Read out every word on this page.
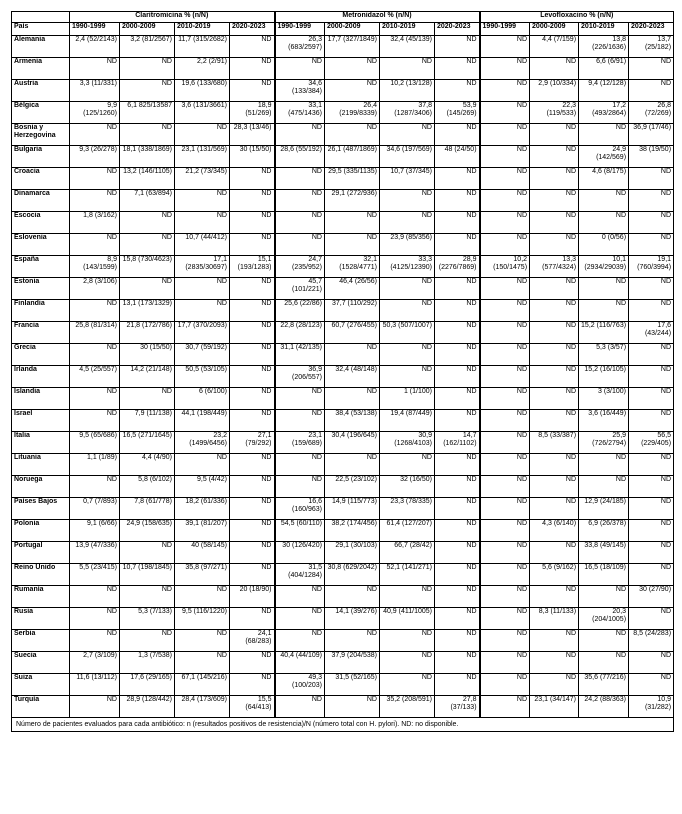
	Claritromicina % (n/N)				Metronidazol % (n/N)				Levofloxacino % (n/N)			
País	1990-1999	2000-2009	2010-2019	2020-2023	1990-1999	2000-2009	2010-2019	2020-2023	1990-1999	2000-2009	2010-2019	2020-2023
Alemania	2,4 (52/2143)	3,2 (81/2567)	11,7 (315/2682)	ND	26,3 (683/2597)	17,7 (327/1849)	32,4 (45/139)	ND	ND	4,4 (7/159)	13,8 (226/1636)	13,7 (25/182)
Armenia	ND	ND	2,2 (2/91)	ND	ND	ND	ND	ND	ND	ND	6,6 (6/91)	ND
Austria	3,3 (11/331)	ND	19,6 (133/680)	ND	34,6 (133/384)	ND	10,2 (13/128)	ND	ND	2,9 (10/334)	9,4 (12/128)	ND
Bélgica	9,9 (125/1260)	6,1 825/13587	3,6 (131/3661)	18,9 (51/269)	33,1 (475/1436)	26,4 (2199/8339)	37,8 (1287/3406)	53,9 (145/269)	ND	22,3 (119/533)	17,2 (493/2864)	26,8 (72/269)
Bosnia y Herzegovina	ND	ND	ND	28,3 (13/46)	ND	ND	ND	ND	ND	ND	ND	36,9 (17/46)
Bulgaria	9,3 (26/278)	18,1 (338/1869)	23,1 (131/569)	30 (15/50)	28,6 (55/192)	26,1 (487/1869)	34,6 (197/569)	48 (24/50)	ND	ND	24,9 (142/569)	38 (19/50)
Croacia	ND	13,2 (146/1105)	21,2 (73/345)	ND	ND	29,5 (335/1135)	10,7 (37/345)	ND	ND	ND	4,6 (8/175)	ND
Dinamarca	ND	7,1 (63/894)	ND	ND	ND	29,1 (272/936)	ND	ND	ND	ND	ND	ND
Escocia	1,8 (3/162)	ND	ND	ND	ND	ND	ND	ND	ND	ND	ND	ND
Eslovenia	ND	ND	10,7 (44/412)	ND	ND	ND	23,9 (85/356)	ND	ND	ND	0 (0/56)	ND
España	8,9 (143/1599)	15,8 (730/4623)	17,1 (2835/30697)	15,1 (193/1283)	24,7 (235/952)	32,1 (1528/4771)	33,3 (4125/12390)	28,9 (2276/7869)	10,2 (150/1475)	13,3 (577/4324)	10,1 (2934/29039)	19,1 (760/3994)
Estonia	2,8 (3/106)	ND	ND	ND	45,7 (101/221)	46,4 (26/56)	ND	ND	ND	ND	ND	ND
Finlandia	ND	13,1 (173/1329)	ND	ND	25,6 (22/86)	37,7 (110/292)	ND	ND	ND	ND	ND	ND
Francia	25,8 (81/314)	21,8 (172/786)	17,7 (370/2093)	ND	22,8 (28/123)	60,7 (276/455)	50,3 (507/1007)	ND	ND	ND	15,2 (116/763)	17,6 (43/244)
Grecia	ND	30 (15/50)	30,7 (59/192)	ND	31,1 (42/135)	ND	ND	ND	ND	ND	5,3 (3/57)	ND
Irlanda	4,5 (25/557)	14,2 (21/148)	50,5 (53/105)	ND	36,9 (206/557)	32,4 (48/148)	ND	ND	ND	ND	15,2 (16/105)	ND
Islandia	ND	ND	6 (6/100)	ND	ND	ND	1 (1/100)	ND	ND	ND	3 (3/100)	ND
Israel	ND	7,9 (11/138)	44,1 (198/449)	ND	ND	38,4 (53/138)	19,4 (87/449)	ND	ND	ND	3,6 (16/449)	ND
Italia	9,5 (65/686)	16,5 (271/1645)	23,2 (1499/6456)	27,1 (79/292)	23,1 (159/689)	30,4 (196/645)	30,9 (1268/4103)	14,7 (162/1102)	ND	8,5 (33/387)	25,9 (726/2794)	56,5 (229/405)
Lituania	1,1 (1/89)	4,4 (4/90)	ND	ND	ND	ND	ND	ND	ND	ND	ND	ND
Noruega	ND	5,8 (6/102)	9,5 (4/42)	ND	ND	22,5 (23/102)	32 (16/50)	ND	ND	ND	ND	ND
Países Bajos	0,7 (7/893)	7,8 (61/778)	18,2 (61/336)	ND	16,6 (160/963)	14,9 (115/773)	23,3 (78/335)	ND	ND	ND	12,9 (24/185)	ND
Polonia	9,1 (6/66)	24,9 (158/635)	39,1 (81/207)	ND	54,5 (60/110)	38,2 (174/456)	61,4 (127/207)	ND	ND	4,3 (6/140)	6,9 (26/378)	ND
Portugal	13,9 (47/336)	ND	40 (58/145)	ND	30 (126/420)	29,1 (30/103)	66,7 (28/42)	ND	ND	ND	33,8 (49/145)	ND
Reino Unido	5,5 (23/415)	10,7 (198/1845)	35,8 (97/271)	ND	31,5 (404/1284)	30,8 (629/2042)	52,1 (141/271)	ND	ND	5,6 (9/162)	16,5 (18/109)	ND
Rumanía	ND	ND	ND	20 (18/90)	ND	ND	ND	ND	ND	ND	ND	30 (27/90)
Rusia	ND	5,3 (7/133)	9,5 (116/1220)	ND	ND	14,1 (39/276)	40,9 (411/1005)	ND	ND	8,3 (11/133)	20,3 (204/1005)	ND
Serbia	ND	ND	ND	24,1 (68/283)	ND	ND	ND	ND	ND	ND	ND	8,5 (24/283)
Suecia	2,7 (3/109)	1,3 (7/538)	ND	ND	40,4 (44/109)	37,9 (204/538)	ND	ND	ND	ND	ND	ND
Suiza	11,6 (13/112)	17,6 (29/165)	67,1 (145/216)	ND	49,3 (100/203)	31,5 (52/165)	ND	ND	ND	ND	35,6 (77/216)	ND
Turquía	ND	28,9 (128/442)	28,4 (173/609)	15,5 (64/413)	ND	ND	35,2 (208/591)	27,8 (37/133)	ND	23,1 (34/147)	24,2 (88/363)	10,9 (31/282)
Número de pacientes evaluados para cada antibiótico: n (resultados positivos de resistencia)/N (número total con H. pylori). ND: no disponible.												
